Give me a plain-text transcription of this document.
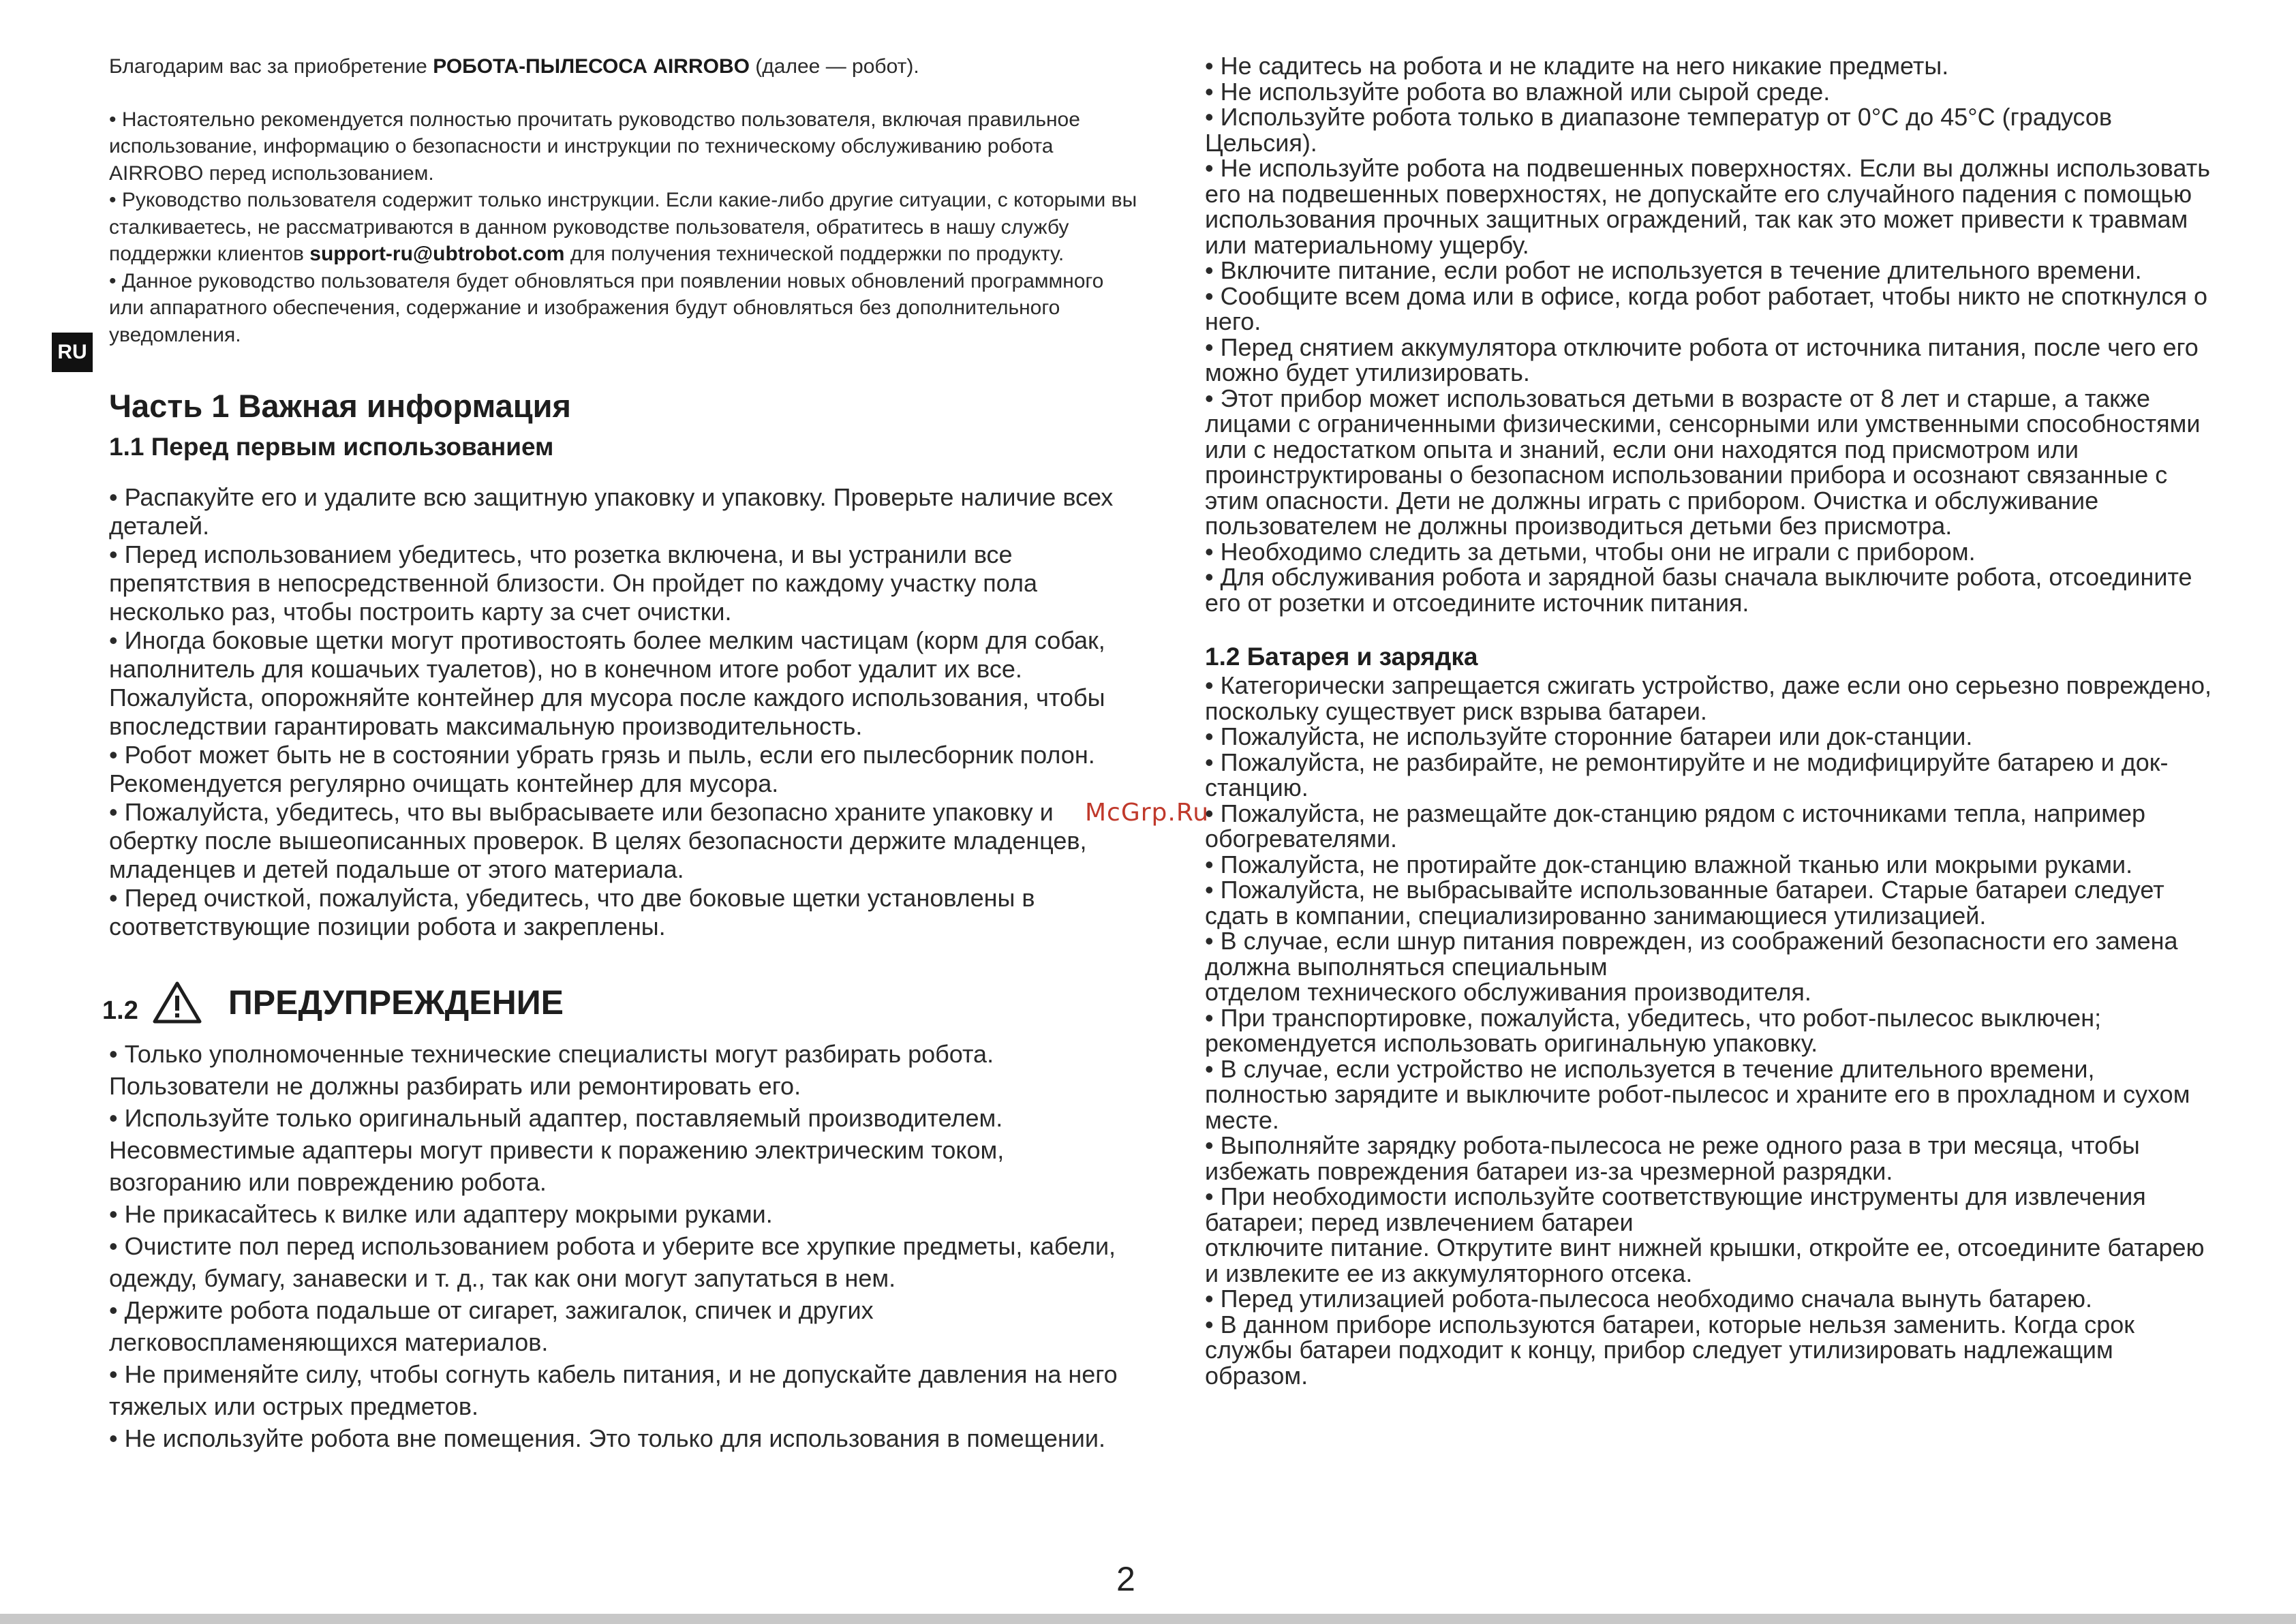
RU

Благодарим вас за приобретение РОБОТА-ПЫЛЕСОСА AIRROBO (далее — робот).

• Настоятельно рекомендуется полностью прочитать руководство пользователя, включая правильное использование, информацию о безопасности и инструкции по техническому обслуживанию робота AIRROBO перед использованием.

• Руководство пользователя содержит только инструкции. Если какие-либо другие ситуации, с которыми вы сталкиваетесь, не рассматриваются в данном руководстве пользователя, обратитесь в нашу службу поддержки клиентов support-ru@ubtrobot.com для получения технической поддержки по продукту.

• Данное руководство пользователя будет обновляться при появлении новых обновлений программного или аппаратного обеспечения, содержание и изображения будут обновляться без дополнительного уведомления.

Часть 1 Важная информация
1.1 Перед первым использованием

• Распакуйте его и удалите всю защитную упаковку и упаковку. Проверьте наличие всех деталей.

• Перед использованием убедитесь, что розетка включена, и вы устранили все препятствия в непосредственной близости. Он пройдет по каждому участку пола несколько раз, чтобы построить карту за счет очистки.

• Иногда боковые щетки могут противостоять более мелким частицам (корм для собак, наполнитель для кошачьих туалетов), но в конечном итоге робот удалит их все. Пожалуйста, опорожняйте контейнер для мусора после каждого использования, чтобы впоследствии гарантировать максимальную производительность.

• Робот может быть не в состоянии убрать грязь и пыль, если его пылесборник полон. Рекомендуется регулярно очищать контейнер для мусора.

• Пожалуйста, убедитесь, что вы выбрасываете или безопасно храните упаковку и обертку после вышеописанных проверок. В целях безопасности держите младенцев, младенцев и детей подальше от этого материала.

• Перед очисткой, пожалуйста, убедитесь, что две боковые щетки установлены в соответствующие позиции робота и закреплены.

1.2	ПРЕДУПРЕЖДЕНИЕ

• Только уполномоченные технические специалисты могут разбирать робота. Пользователи не должны разбирать или ремонтировать его.

• Используйте только оригинальный адаптер, поставляемый производителем. Несовместимые адаптеры могут привести к поражению электрическим током, возгоранию или повреждению робота.

• Не прикасайтесь к вилке или адаптеру мокрыми руками.

• Очистите пол перед использованием робота и уберите все хрупкие предметы, кабели, одежду, бумагу, занавески и т. д., так как они могут запутаться в нем.

• Держите робота подальше от сигарет, зажигалок, спичек и других легковоспламеняющихся материалов.

• Не применяйте силу, чтобы согнуть кабель питания, и не допускайте давления на него тяжелых или острых предметов.

• Не используйте робота вне помещения. Это только для использования в помещении.

• Не садитесь на робота и не кладите на него никакие предметы.

• Не используйте робота во влажной или сырой среде.

• Используйте робота только в диапазоне температур от 0°C до 45°C (градусов Цельсия).

• Не используйте робота на подвешенных поверхностях. Если вы должны использовать его на подвешенных поверхностях, не допускайте его случайного падения с помощью использования прочных защитных ограждений, так как это может привести к травмам или материальному ущербу.

• Включите питание, если робот не используется в течение длительного времени.

• Сообщите всем дома или в офисе, когда робот работает, чтобы никто не споткнулся о него.

• Перед снятием аккумулятора отключите робота от источника питания, после чего его можно будет утилизировать.

• Этот прибор может использоваться детьми в возрасте от 8 лет и старше, а также лицами с ограниченными физическими, сенсорными или умственными способностями или с недостатком опыта и знаний, если они находятся под присмотром или проинструктированы о безопасном использовании прибора и осознают связанные с этим опасности. Дети не должны играть с прибором. Очистка и обслуживание пользователем не должны производиться детьми без присмотра.

• Необходимо следить за детьми, чтобы они не играли с прибором.

• Для обслуживания робота и зарядной базы сначала выключите робота, отсоедините его от розетки и отсоедините источник питания.

1.2 Батарея и зарядка

• Категорически запрещается сжигать устройство, даже если оно серьезно повреждено, поскольку существует риск взрыва батареи.

• Пожалуйста, не используйте сторонние батареи или док-станции.

• Пожалуйста, не разбирайте, не ремонтируйте и не модифицируйте батарею и док-станцию.

• Пожалуйста, не размещайте док-станцию рядом с источниками тепла, например обогревателями.

• Пожалуйста, не протирайте док-станцию влажной тканью или мокрыми руками.

• Пожалуйста, не выбрасывайте использованные батареи. Старые батареи следует сдать в компании, специализированно занимающиеся утилизацией.

• В случае, если шнур питания поврежден, из соображений безопасности его замена должна выполняться специальным

отделом технического обслуживания производителя.

• При транспортировке, пожалуйста, убедитесь, что робот-пылесос выключен; рекомендуется использовать оригинальную упаковку.

• В случае, если устройство не используется в течение длительного времени, полностью зарядите и выключите робот-пылесос и храните его в прохладном и сухом месте.

• Выполняйте зарядку робота-пылесоса не реже одного раза в три месяца, чтобы избежать повреждения батареи из-за чрезмерной разрядки.

• При необходимости используйте соответствующие инструменты для извлечения батареи; перед извлечением батареи

отключите питание. Открутите винт нижней крышки, откройте ее, отсоедините батарею и извлеките ее из аккумуляторного отсека.

• Перед утилизацией робота-пылесоса необходимо сначала вынуть батарею.

• В данном приборе используются батареи, которые нельзя заменить. Когда срок службы батареи подходит к концу, прибор следует утилизировать надлежащим образом.

McGrp.Ru
2
